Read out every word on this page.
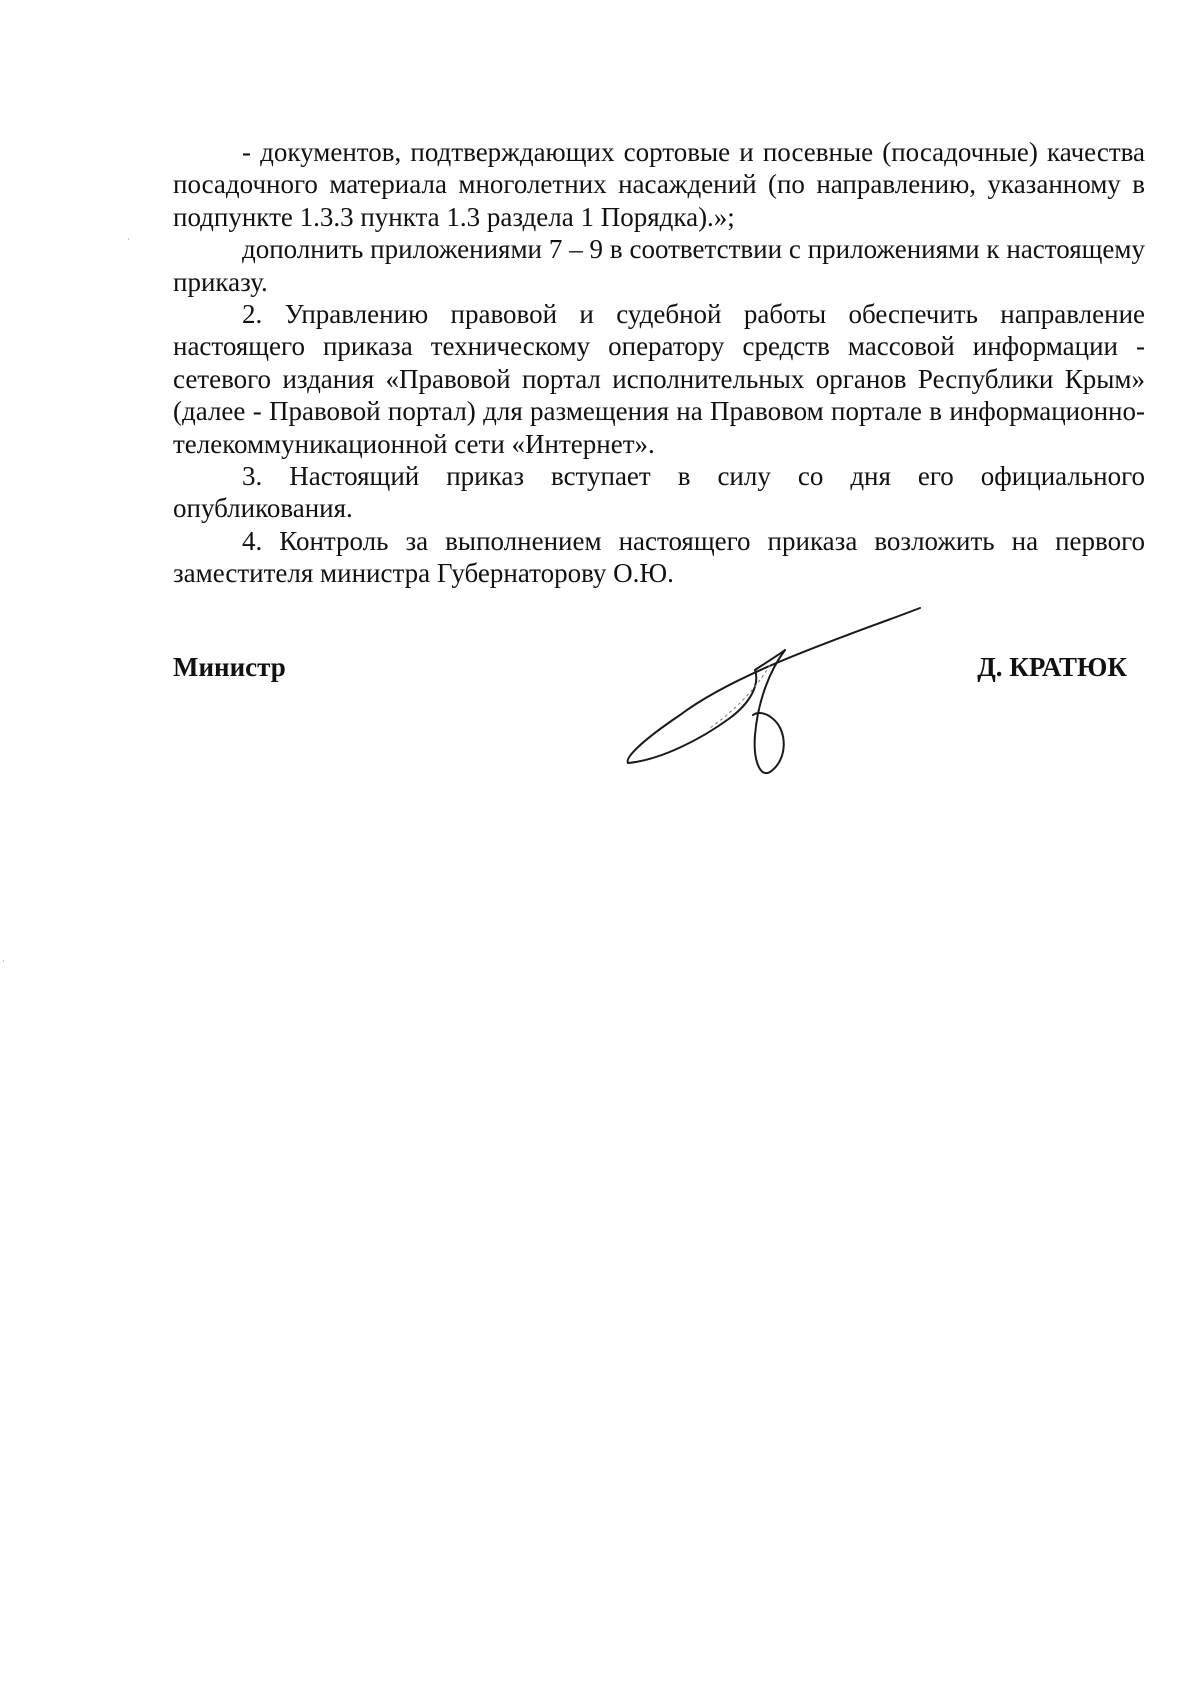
- документов, подтверждающих сортовые и посевные (посадочные) качества посадочного материала многолетних насаждений (по направлению, указанному в подпункте 1.3.3 пункта 1.3 раздела 1 Порядка).»;

дополнить приложениями 7 – 9 в соответствии с приложениями к настоящему приказу.

2. Управлению правовой и судебной работы обеспечить направление настоящего приказа техническому оператору средств массовой информации - сетевого издания «Правовой портал исполнительных органов Республики Крым» (далее - Правовой портал) для размещения на Правовом портале в информационно-телекоммуникационной сети «Интернет».

3. Настоящий приказ вступает в силу со дня его официального опубликования.

4. Контроль за выполнением настоящего приказа возложить на первого заместителя министра Губернаторову О.Ю.

Министр	Д. КРАТЮК
